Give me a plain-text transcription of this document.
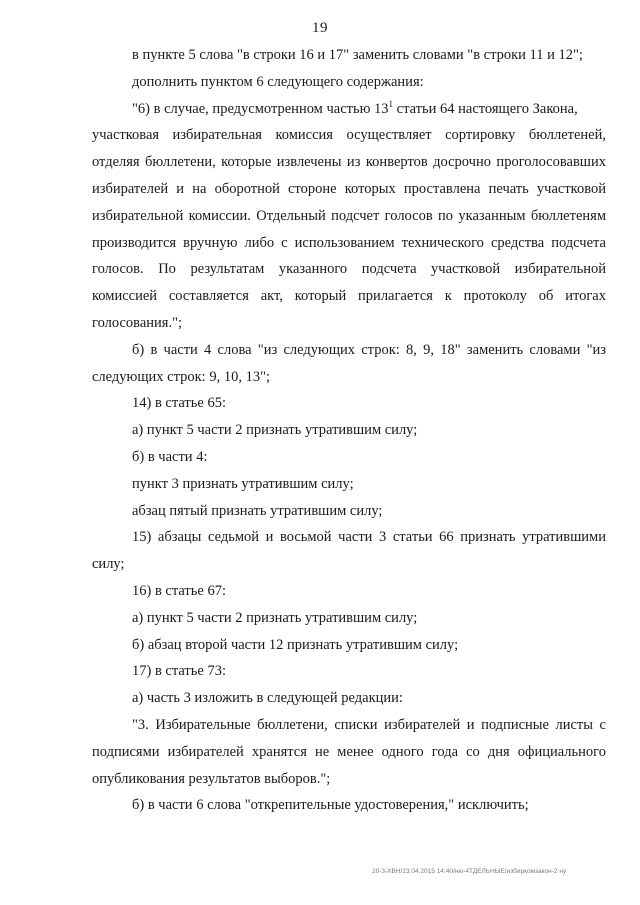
19

в пункте 5 слова "в строки 16 и 17" заменить словами "в строки 11 и 12";

дополнить пунктом 6 следующего содержания:

"6) в случае, предусмотренном частью $13^1$ статьи 64 настоящего Закона,

участковая избирательная комиссия осуществляет сортировку бюллетеней, отделяя бюллетени, которые извлечены из конвертов досрочно проголосовавших избирателей и на оборотной стороне которых проставлена печать участковой избирательной комиссии. Отдельный подсчет голосов по указанным бюллетеням производится вручную либо с использованием технического средства подсчета голосов. По результатам указанного подсчета участковой избирательной комиссией составляется акт, который прилагается к протоколу об итогах голосования.";

б) в части 4 слова "из следующих строк: 8, 9, 18" заменить словами "из следующих строк: 9, 10, 13";

14) в статье 65:

а) пункт 5 части 2 признать утратившим силу;

б) в части 4:

пункт 3 признать утратившим силу;

абзац пятый признать утратившим силу;

15) абзацы седьмой и восьмой части 3 статьи 66 признать утратившими силу;

16) в статье 67:

а) пункт 5 части 2 признать утратившим силу;

б) абзац второй части 12 признать утратившим силу;

17) в статье 73:

а) часть 3 изложить в следующей редакции:

"3. Избирательные бюллетени, списки избирателей и подписные листы с подписями избирателей хранятся не менее одного года со дня официального опубликования результатов выборов.";

б) в части 6 слова "открепительные удостоверения," исключить;

20-3-ХВН/23.04.2015 14:40/ню-4ТДЕЛЬНЫЕ/избиркомзакон-2 ну
